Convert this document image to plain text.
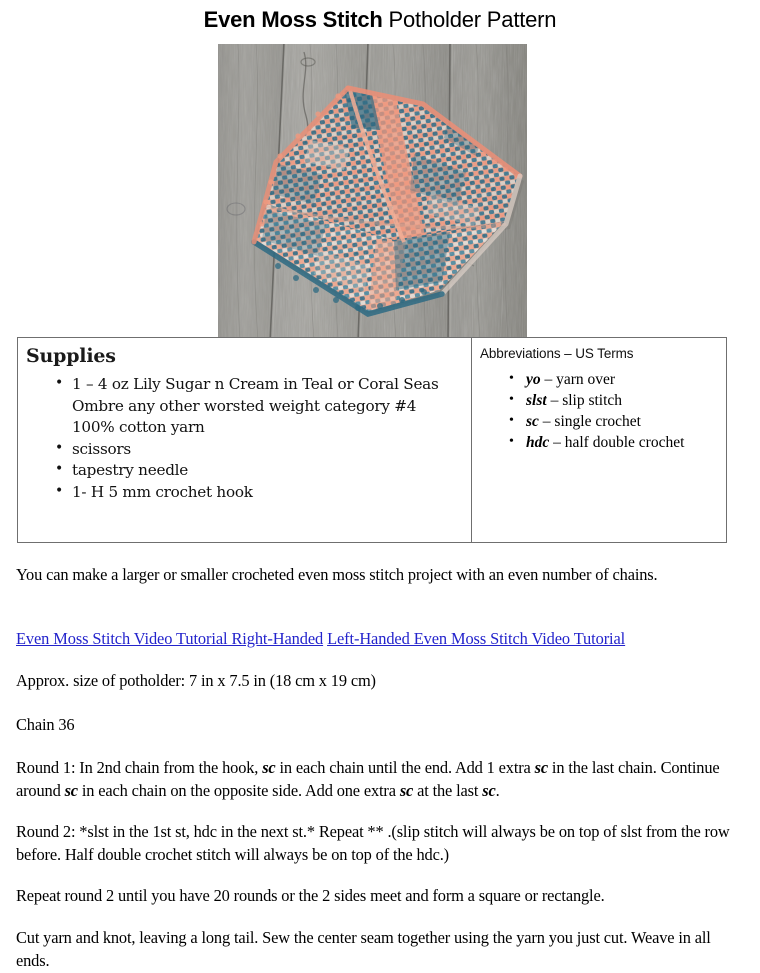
Even Moss Stitch Potholder Pattern
Supplies
• 1 – 4 oz Lily Sugar n Cream in Teal or Coral Seas Ombre any other worsted weight category #4 100% cotton yarn
• scissors
• tapestry needle
• 1- H 5 mm crochet hook

Abbreviations – US Terms
• yo – yarn over
• slst – slip stitch
• sc – single crochet
• hdc – half double crochet
You can make a larger or smaller crocheted even moss stitch project with an even number of chains.
Even Moss Stitch Video Tutorial Right-Handed Left-Handed Even Moss Stitch Video Tutorial
Approx. size of potholder: 7 in x 7.5 in (18 cm x 19 cm)
Chain 36
Round 1: In 2nd chain from the hook, sc in each chain until the end. Add 1 extra sc in the last chain. Continue around sc in each chain on the opposite side. Add one extra sc at the last sc.
Round 2: *slst in the 1st st, hdc in the next st.* Repeat ** .(slip stitch will always be on top of slst from the row before. Half double crochet stitch will always be on top of the hdc.)
Repeat round 2 until you have 20 rounds or the 2 sides meet and form a square or rectangle.
Cut yarn and knot, leaving a long tail. Sew the center seam together using the yarn you just cut. Weave in all ends.
